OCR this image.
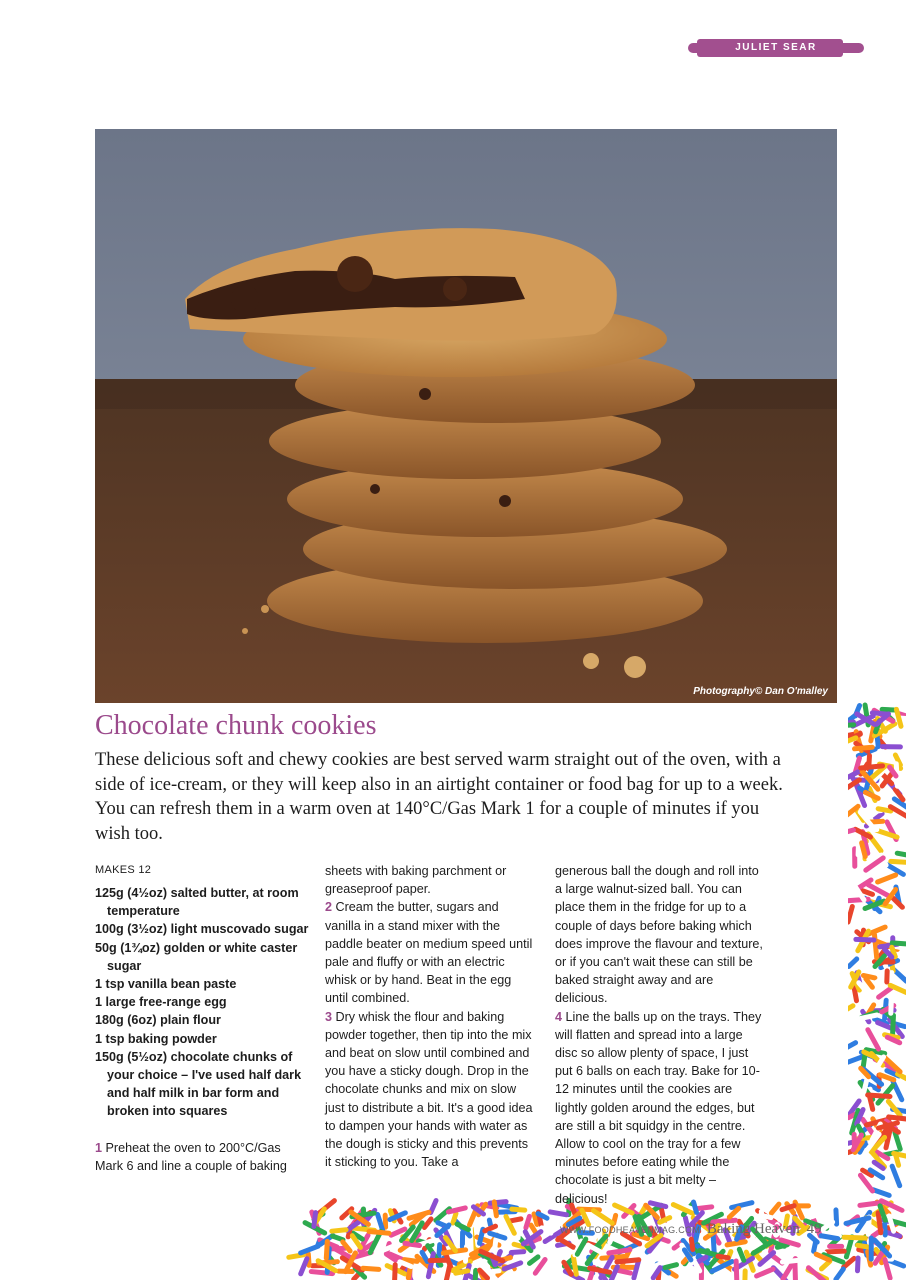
JULIET SEAR
Photography© Dan O'malley
Chocolate chunk cookies

These delicious soft and chewy cookies are best served warm straight out of the oven, with a side of ice-cream, or they will keep also in an airtight container or food bag for up to a week. You can refresh them in a warm oven at 140°C/Gas Mark 1 for a couple of minutes if you wish too.

MAKES 12
125g (4½oz) salted butter, at room temperature
100g (3½oz) light muscovado sugar
50g (1¾oz) golden or white caster sugar
1 tsp vanilla bean paste
1 large free-range egg
180g (6oz) plain flour
1 tsp baking powder
150g (5½oz) chocolate chunks of your choice – I've used half dark and half milk in bar form and broken into squares
1 Preheat the oven to 200°C/Gas Mark 6 and line a couple of baking
sheets with baking parchment or greaseproof paper.
2 Cream the butter, sugars and vanilla in a stand mixer with the paddle beater on medium speed until pale and fluffy or with an electric whisk or by hand. Beat in the egg until combined.
3 Dry whisk the flour and baking powder together, then tip into the mix and beat on slow until combined and you have a sticky dough. Drop in the chocolate chunks and mix on slow just to distribute a bit. It's a good idea to dampen your hands with water as the dough is sticky and this prevents it sticking to you. Take a
generous ball the dough and roll into a large walnut-sized ball. You can place them in the fridge for up to a couple of days before baking which does improve the flavour and texture, or if you can't wait these can still be baked straight away and are delicious.
4 Line the balls up on the trays. They will flatten and spread into a large disc so allow plenty of space, I just put 6 balls on each tray. Bake for 10-12 minutes until the cookies are lightly golden around the edges, but are still a bit squidgy in the centre. Allow to cool on the tray for a few minutes before eating while the chocolate is just a bit melty – delicious!
WWW.FOODHEAVENMAG.COM Baking Heaven 49
